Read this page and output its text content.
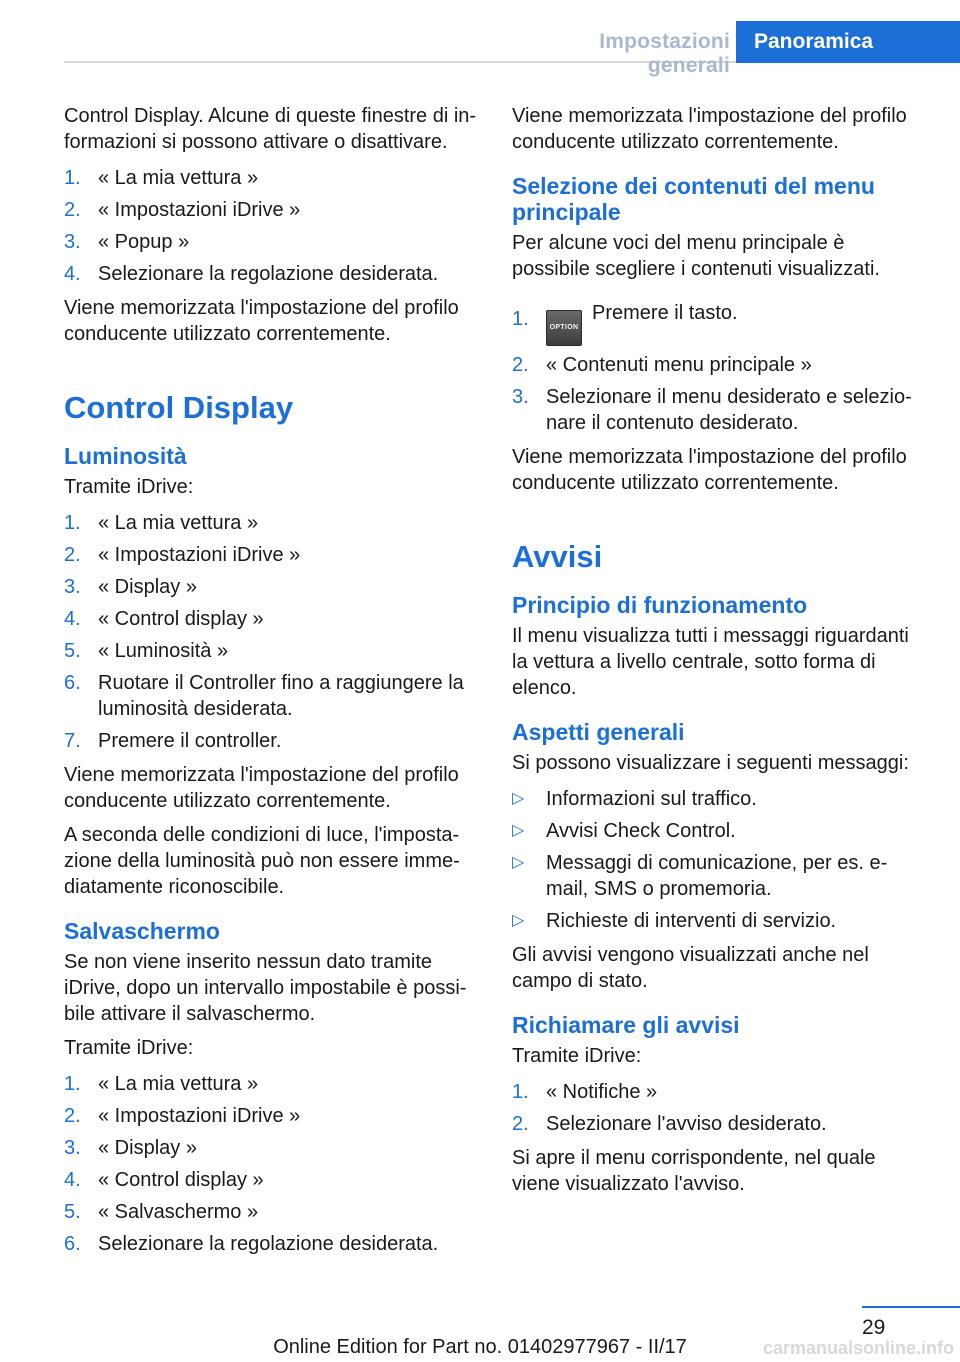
Impostazioni generali
Panoramica

Control Display. Alcune di queste finestre di informazioni si possono attivare o disattivare.

1. « La mia vettura »
2. « Impostazioni iDrive »
3. « Popup »
4. Selezionare la regolazione desiderata.

Viene memorizzata l'impostazione del profilo conducente utilizzato correntemente.

Control Display
Luminosità

Tramite iDrive:

1. « La mia vettura »
2. « Impostazioni iDrive »
3. « Display »
4. « Control display »
5. « Luminosità »
6. Ruotare il Controller fino a raggiungere la luminosità desiderata.
7. Premere il controller.

Viene memorizzata l'impostazione del profilo conducente utilizzato correntemente.

A seconda delle condizioni di luce, l'impostazione della luminosità può non essere immediatamente riconoscibile.

Salvaschermo

Se non viene inserito nessun dato tramite iDrive, dopo un intervallo impostabile è possibile attivare il salvaschermo.

Tramite iDrive:

1. « La mia vettura »
2. « Impostazioni iDrive »
3. « Display »
4. « Control display »
5. « Salvaschermo »
6. Selezionare la regolazione desiderata.

Viene memorizzata l'impostazione del profilo conducente utilizzato correntemente.

Selezione dei contenuti del menu principale

Per alcune voci del menu principale è possibile scegliere i contenuti visualizzati.

1.	OPTIONPremere il tasto.
2. « Contenuti menu principale »
3. Selezionare il menu desiderato e selezionare il contenuto desiderato.

Viene memorizzata l'impostazione del profilo conducente utilizzato correntemente.

Avvisi
Principio di funzionamento

Il menu visualizza tutti i messaggi riguardanti la vettura a livello centrale, sotto forma di elenco.

Aspetti generali

Si possono visualizzare i seguenti messaggi:

▷	Informazioni sul traffico.
▷	Avvisi Check Control.
▷	Messaggi di comunicazione, per es. e-mail, SMS o promemoria.
▷	Richieste di interventi di servizio.

Gli avvisi vengono visualizzati anche nel campo di stato.

Richiamare gli avvisi

Tramite iDrive:

1. « Notifiche »
2. Selezionare l'avviso desiderato.

Si apre il menu corrispondente, nel quale viene visualizzato l'avviso.

29
Online Edition for Part no. 01402977967 - II/17	carmanualsonline.info
